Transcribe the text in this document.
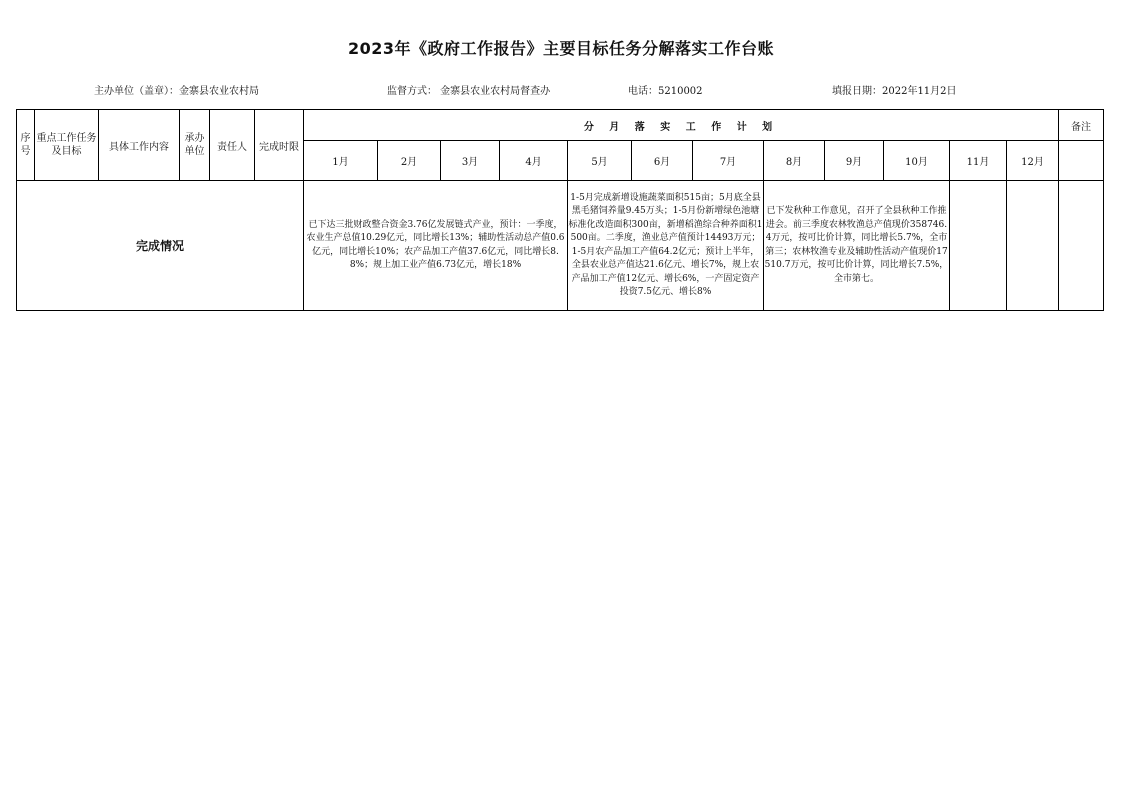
2023年《政府工作报告》主要目标任务分解落实工作台账
主办单位（盖章）：金寨县农业农村局	监督方式： 金寨县农业农村局督查办	电话：5210002	填报日期：2022年11月2日
序号	重点工作任务及目标	具体工作内容	承办单位	责任人	完成时限	分 月 落 实 工 作 计 划												备注
						1月	2月	3月	4月	5月	6月	7月	8月	9月	10月	11月	12月	
完成情况						已下达三批财政整合资金3.76亿发展链式产业，预计：一季度，农业生产总值10.29亿元，同比增长13%；辅助性活动总产值0.6亿元，同比增长10%；农产品加工产值37.6亿元，同比增长8.8%；规上加工业产值6.73亿元，增长18%				1-5月完成新增设施蔬菜面积515亩；5月底全县黑毛猪饲养量9.45万头；1-5月份新增绿色池塘标准化改造面积300亩，新增稻渔综合种养面积1500亩。二季度，渔业总产值预计14493万元；1-5月农产品加工产值64.2亿元；预计上半年，全县农业总产值达21.6亿元、增长7%，规上农产品加工产值12亿元、增长6%，一产固定资产投资7.5亿元、增长8%			已下发秋种工作意见，召开了全县秋种工作推进会。前三季度农林牧渔总产值现价358746.4万元，按可比价计算，同比增长5.7%，全市第三；农林牧渔专业及辅助性活动产值现价17510.7万元，按可比价计算，同比增长7.5%，全市第七。					
